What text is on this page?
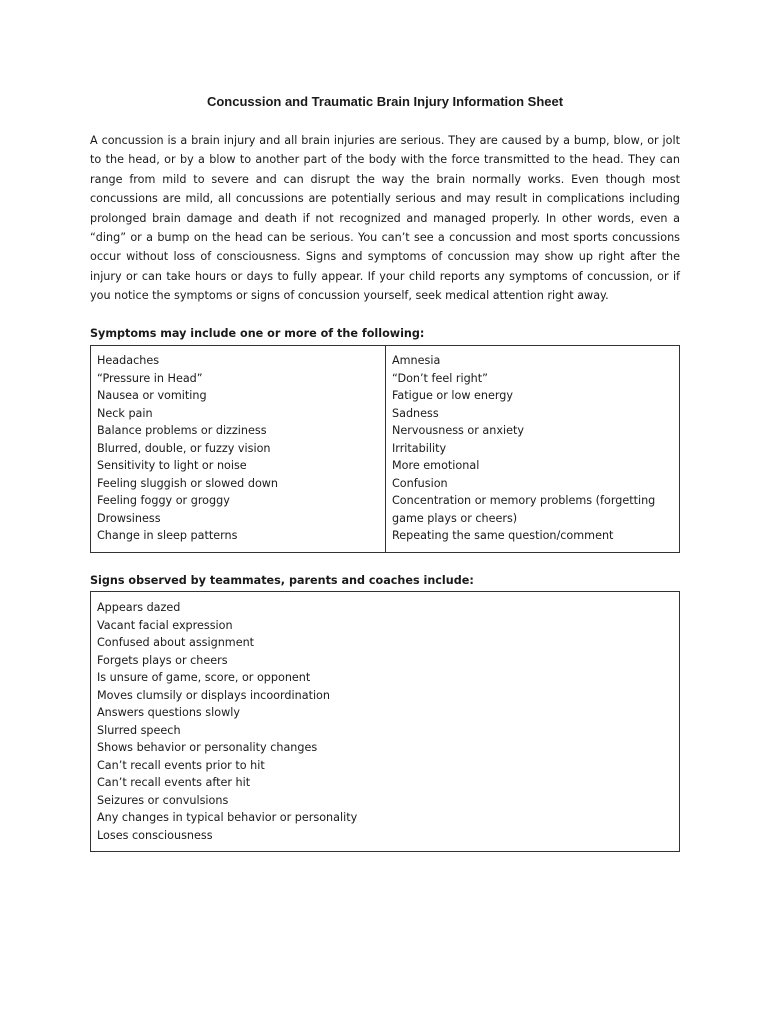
Concussion and Traumatic Brain Injury Information Sheet

A concussion is a brain injury and all brain injuries are serious. They are caused by a bump, blow, or jolt to the head, or by a blow to another part of the body with the force transmitted to the head. They can range from mild to severe and can disrupt the way the brain normally works. Even though most concussions are mild, all concussions are potentially serious and may result in complications including prolonged brain damage and death if not recognized and managed properly. In other words, even a “ding” or a bump on the head can be serious. You can’t see a concussion and most sports concussions occur without loss of consciousness. Signs and symptoms of concussion may show up right after the injury or can take hours or days to fully appear. If your child reports any symptoms of concussion, or if you notice the symptoms or signs of concussion yourself, seek medical attention right away.

Symptoms may include one or more of the following:

Headaches
“Pressure in Head”
Nausea or vomiting
Neck pain
Balance problems or dizziness
Blurred, double, or fuzzy vision
Sensitivity to light or noise
Feeling sluggish or slowed down
Feeling foggy or groggy
Drowsiness
Change in sleep patterns
Amnesia
“Don’t feel right”
Fatigue or low energy
Sadness
Nervousness or anxiety
Irritability
More emotional
Confusion
Concentration or memory problems (forgetting game plays or cheers)
Repeating the same question/comment

Signs observed by teammates, parents and coaches include:

Appears dazed
Vacant facial expression
Confused about assignment
Forgets plays or cheers
Is unsure of game, score, or opponent
Moves clumsily or displays incoordination
Answers questions slowly
Slurred speech
Shows behavior or personality changes
Can’t recall events prior to hit
Can’t recall events after hit
Seizures or convulsions
Any changes in typical behavior or personality
Loses consciousness
